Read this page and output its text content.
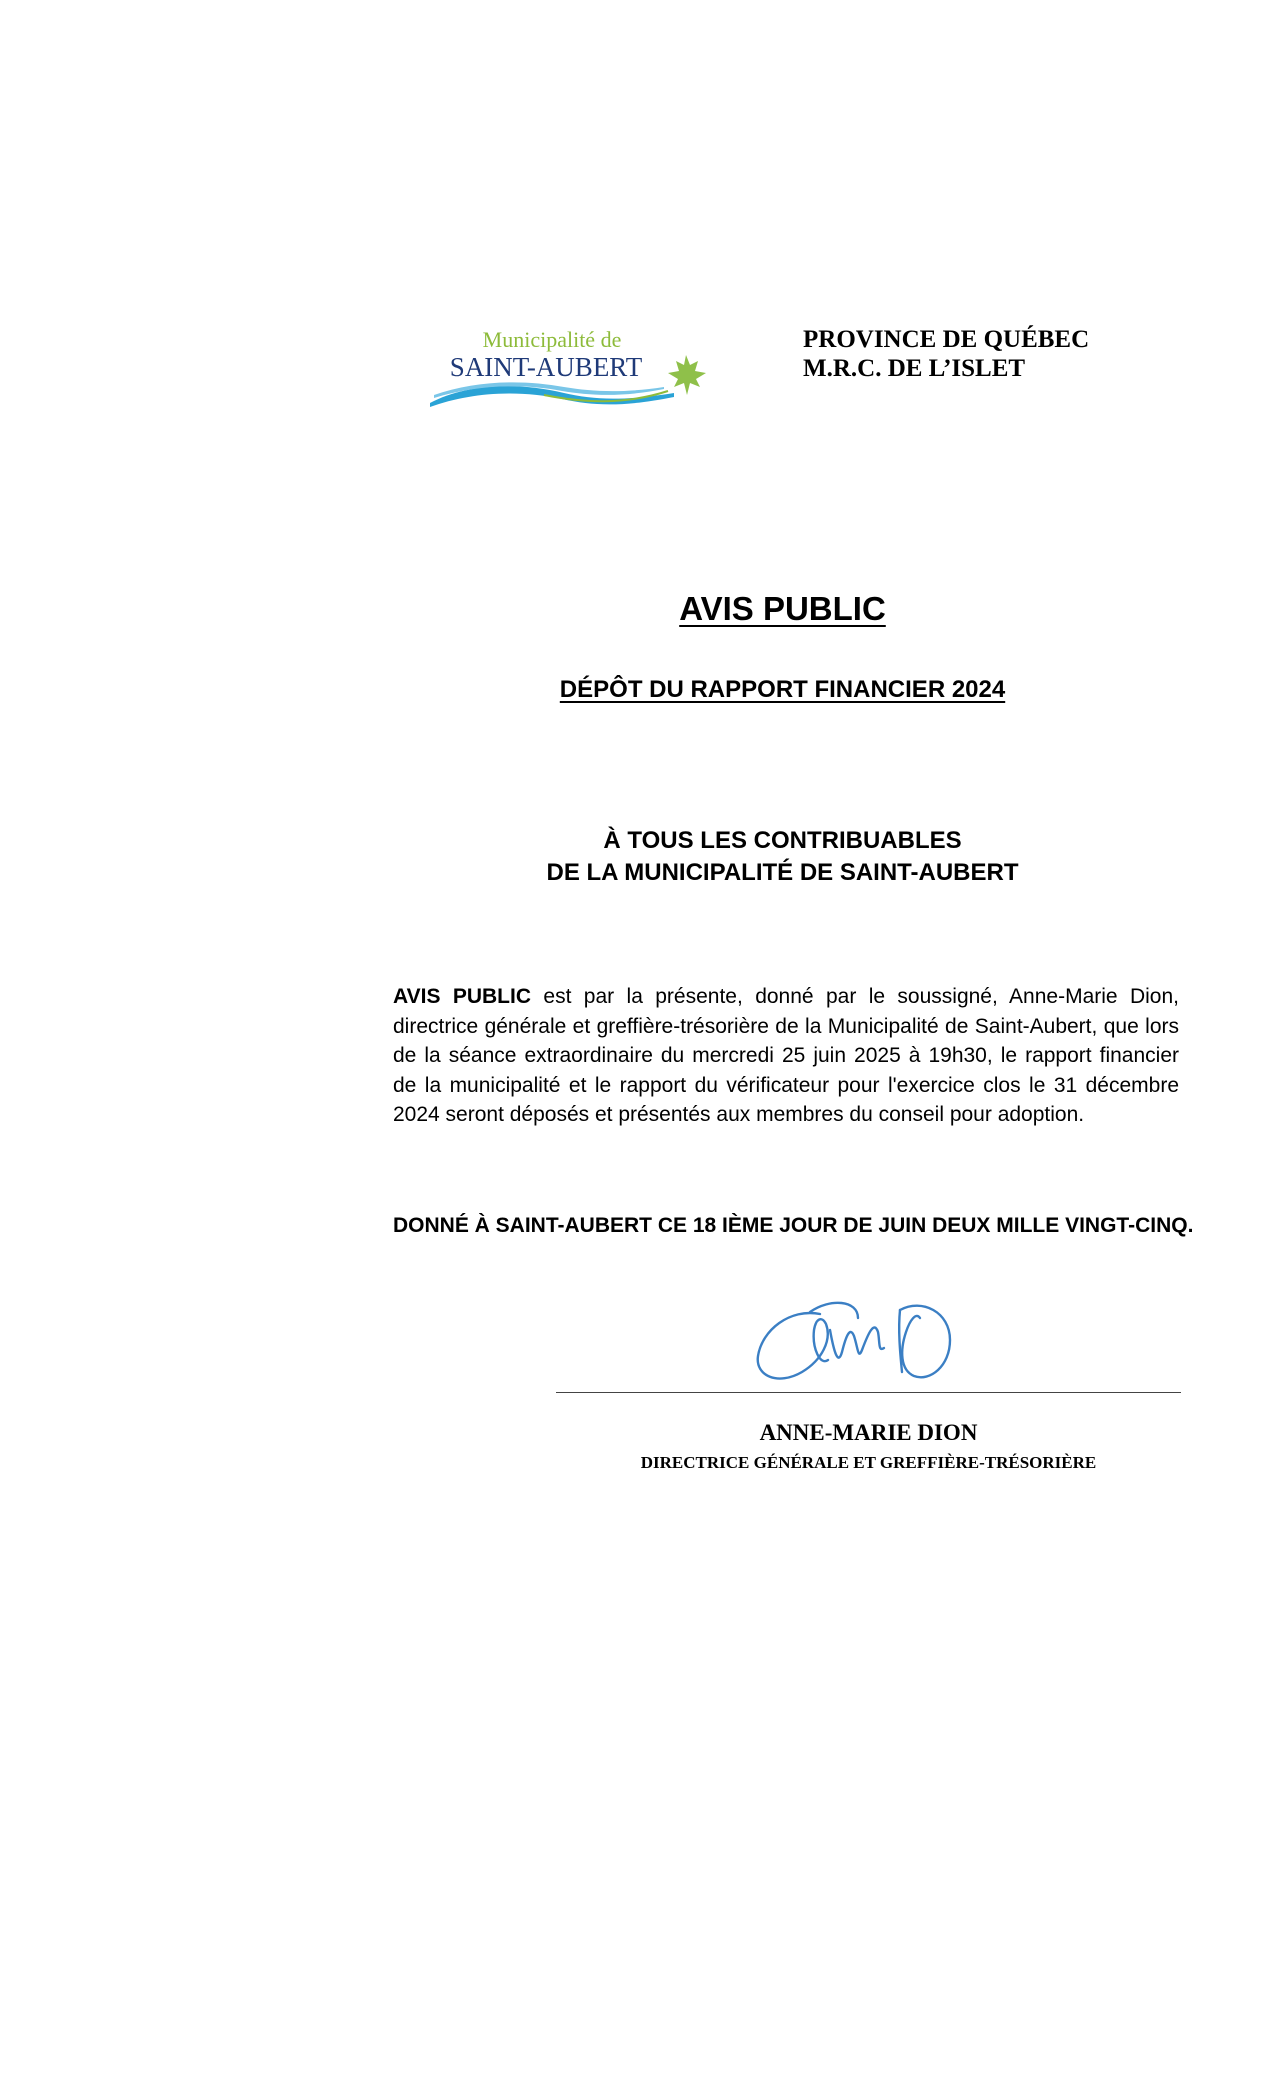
Municipalité de
SAINT-AUBERT
PROVINCE DE QUÉBEC
M.R.C. DE L’ISLET
AVIS PUBLIC
DÉPÔT DU RAPPORT FINANCIER 2024
À TOUS LES CONTRIBUABLES
DE LA MUNICIPALITÉ DE SAINT-AUBERT
AVIS PUBLIC est par la présente, donné par le soussigné, Anne-Marie Dion, directrice générale et greffière-trésorière de la Municipalité de Saint-Aubert, que lors de la séance extraordinaire du mercredi 25 juin 2025 à 19h30, le rapport financier de la municipalité et le rapport du vérificateur pour l'exercice clos le 31 décembre 2024 seront déposés et présentés aux membres du conseil pour adoption.
DONNÉ À SAINT-AUBERT CE 18 IÈME JOUR DE JUIN DEUX MILLE VINGT-CINQ.
ANNE-MARIE DION
DIRECTRICE GÉNÉRALE ET GREFFIÈRE-TRÉSORIÈRE
